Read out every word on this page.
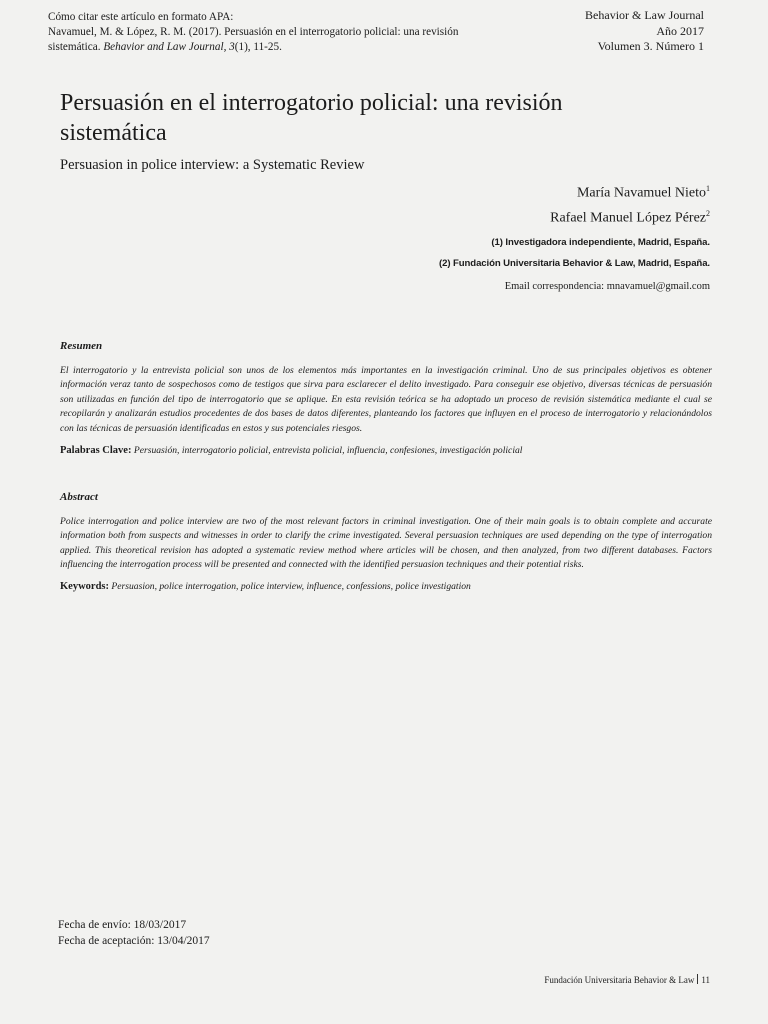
Cómo citar este artículo en formato APA:
Navamuel, M. & López, R. M. (2017). Persuasión en el interrogatorio policial: una revisión
sistemática. Behavior and Law Journal, 3(1), 11-25.
Behavior & Law Journal
Año 2017
Volumen 3. Número 1
Persuasión en el interrogatorio policial: una revisión sistemática
Persuasion in police interview: a Systematic Review
María Navamuel Nieto$^1$
Rafael Manuel López Pérez$^2$
(1) Investigadora independiente, Madrid, España.
(2) Fundación Universitaria Behavior & Law, Madrid, España.
Email correspondencia: mnavamuel@gmail.com
Resumen
El interrogatorio y la entrevista policial son unos de los elementos más importantes en la investigación criminal. Uno de sus principales objetivos es obtener información veraz tanto de sospechosos como de testigos que sirva para esclarecer el delito investigado. Para conseguir ese objetivo, diversas técnicas de persuasión son utilizadas en función del tipo de interrogatorio que se aplique. En esta revisión teórica se ha adoptado un proceso de revisión sistemática mediante el cual se recopilarán y analizarán estudios procedentes de dos bases de datos diferentes, planteando los factores que influyen en el proceso de interrogatorio y relacionándolos con las técnicas de persuasión identificadas en estos y sus potenciales riesgos.
Palabras Clave: Persuasión, interrogatorio policial, entrevista policial, influencia, confesiones, investigación policial
Abstract
Police interrogation and police interview are two of the most relevant factors in criminal investigation. One of their main goals is to obtain complete and accurate information both from suspects and witnesses in order to clarify the crime investigated. Several persuasion techniques are used depending on the type of interrogation applied. This theoretical revision has adopted a systematic review method where articles will be chosen, and then analyzed, from two different databases. Factors influencing the interrogation process will be presented and connected with the identified persuasion techniques and their potential risks.
Keywords: Persuasion, police interrogation, police interview, influence, confessions, police investigation
Fecha de envío: 18/03/2017
Fecha de aceptación: 13/04/2017
Fundación Universitaria Behavior & Law 11
